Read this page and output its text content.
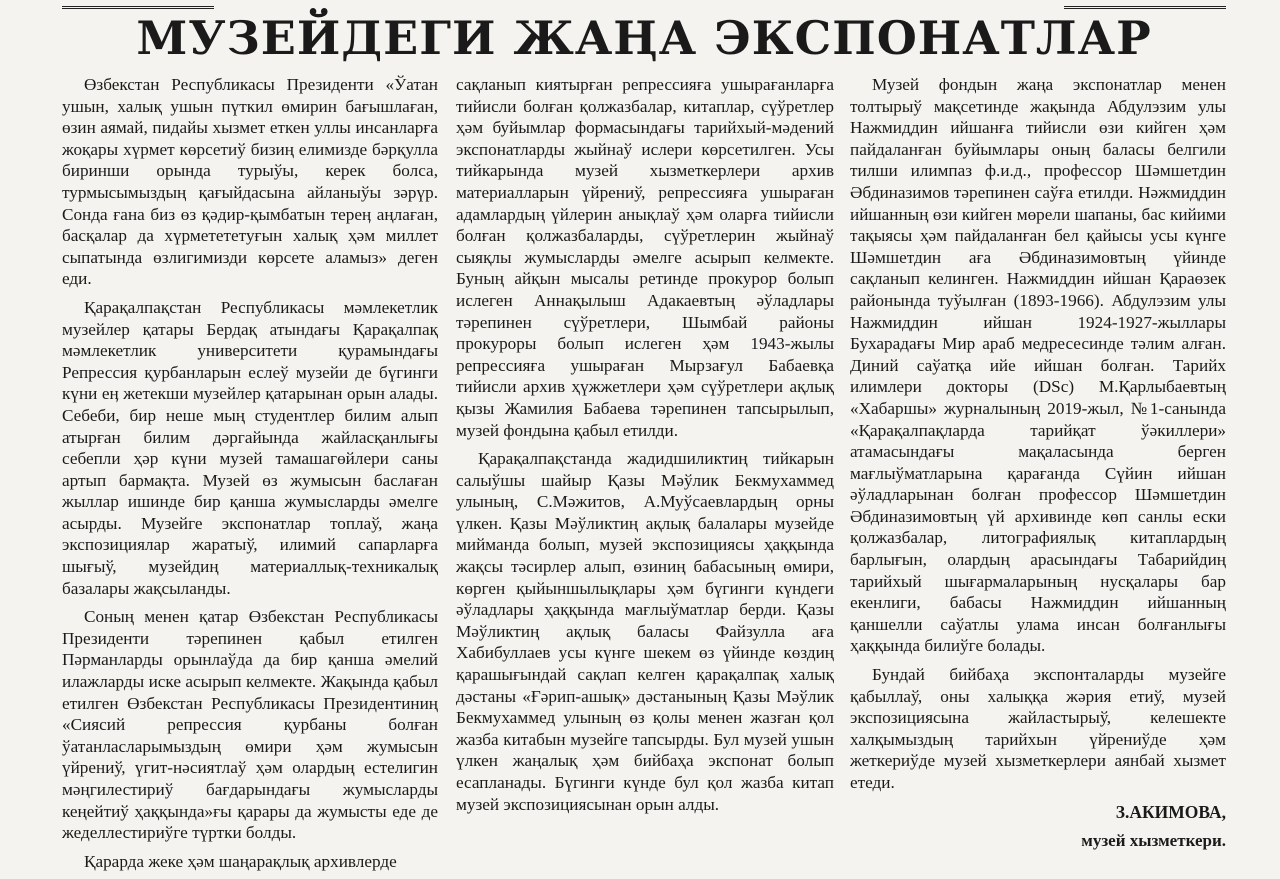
МУЗЕЙДЕГИ ЖАҢА ЭКСПОНАТЛАР

Өзбекстан Республикасы Президенти «Ўатан ушын, халық ушын пүткил өмирин бағышлаған, өзин аямай, пидайы хызмет еткен уллы инсанларға жоқары хүрмет көрсетиў бизиң елимизде бәрқулла биринши орында турыўы, керек болса, турмысымыздың қағыйдасына айланыўы зәрүр. Сонда ғана биз өз қәдир-қымбатын тереӊ аңлаған, басқалар да хүрметететуғын халық ҳәм миллет сыпатында өзлигимизди көрсете аламыз» деген еди.

Қарақалпақстан Республикасы мәмлекетлик музейлер қатары Бердақ атындағы Қарақалпақ мәмлекетлик университети қурамындағы Репрессия қурбанларын еслеў музейи де бүгинги күни еӊ жетекши музейлер қатарынан орын алады. Себеби, бир неше мың студентлер билим алып атырған билим дәргайында жайласқанлығы себепли ҳәр күни музей тамашагөйлери саны артып бармақта. Музей өз жумысын баслаған жыллар ишинде бир қанша жумысларды әмелге асырды. Музейге экспонатлар топлаў, жаңа экспозициялар жаратыў, илимий сапарларға шығыў, музейдиң материаллық-техникалық базалары жақсыланды.

Соның менен қатар Өзбекстан Республикасы Президенти тәрепинен қабыл етилген Пәрманларды орынлаўда да бир қанша әмелий илажларды иске асырып келмекте. Жақында қабыл етилген Өзбекстан Республикасы Президентиниң «Сиясий репрессия қурбаны болған ўатанласларымыздың өмири ҳәм жумысын үйрениў, үгит-нәсиятлаў ҳәм олардың естелигин мәңгилестириў бағдарындағы жумысларды кеңейтиў ҳаққында»ғы қарары да жумысты еде де жеделлестириўге түртки болды.

Қарарда жеке ҳәм шаңарақлық архивлерде

сақланып киятырған репрессияға ушырағанларға тийисли болған қолжазбалар, китаплар, сүўретлер ҳәм буйымлар формасындағы тарийхый-мәдений экспонатларды жыйнаў ислери көрсетилген. Усы тийкарында музей хызметкерлери архив материалларын үйрениў, репрессияға ушыраған адамлардың үйлерин анықлаў ҳәм оларға тийисли болған қолжазбаларды, сүўретлерин жыйнаў сыяқлы жумысларды әмелге асырып келмекте. Буның айқын мысалы ретинде прокурор болып ислеген Аннақылыш Адакаевтың әўладлары тәрепинен сүўретлери, Шымбай районы прокуроры болып ислеген ҳәм 1943-жылы репрессияға ушыраған Мырзағул Бабаевқа тийисли архив ҳүжжетлери ҳәм сүўретлери ақлық қызы Жамилия Бабаева тәрепинен тапсырылып, музей фондына қабыл етилди.

Қарақалпақстанда жадидшиликтиң тийкарын салыўшы шайыр Қазы Мәўлик Бекмухаммед улының, С.Мәжитов, А.Муўсаевлардың орны үлкен. Қазы Мәўликтиң ақлық балалары музейде мийманда болып, музей экспозициясы ҳаққында жақсы тәсирлер алып, өзиниң бабасының өмири, көрген қыйыншылықлары ҳәм бүгинги күндеги әўладлары ҳаққында мағлыўматлар берди. Қазы Мәўликтиң ақлық баласы Файзулла аға Хабибуллаев усы күнге шекем өз үйинде көздиң қарашығындай сақлап келген қарақалпақ халық дәстаны «Ғәрип-ашық» дәстанының Қазы Мәўлик Бекмухаммед улының өз қолы менен жазған қол жазба китабын музейге тапсырды. Бул музей ушын үлкен жаңалық ҳәм бийбаҳа экспонат болып есапланады. Бүгинги күнде бул қол жазба китап музей экспозициясынан орын алды.

Музей фондын жаңа экспонатлар менен толтырыў мақсетинде жақында Абдулэзим улы Нажмиддин ийшанға тийисли өзи кийген ҳәм пайдаланған буйымлары оның баласы белгили тилши илимпаз ф.и.д., профессор Шәмшетдин Әбдиназимов тәрепинен саўға етилди. Нәжмиддин ийшанның өзи кийген мөрели шапаны, бас кийими тақыясы ҳәм пайдаланған бел қайысы усы күнге Шәмшетдин аға Әбдиназимовтың үйинде сақланып келинген. Нажмиддин ийшан Қараөзек районында туўылған (1893-1966). Абдулэзим улы Нажмиддин ийшан 1924-1927-жыллары Бухарадағы Мир араб медресесинде тәлим алған. Диний саўатқа ийе ийшан болған. Тарийх илимлери докторы (DSc) М.Қарлыбаевтың «Хабаршы» журналының 2019-жыл, №1-санында «Қарақалпақларда тарийқат ўәкиллери» атамасындағы мақаласында берген мағлыўматларына қарағанда Сүйин ийшан әўладларынан болған профессор Шәмшетдин Әбдиназимовтың үй архивинде көп санлы ески қолжазбалар, литографиялық китаплардың барлығын, олардың арасындағы Табарийдиң тарийхый шығармаларының нусқалары бар екенлиги, бабасы Нажмиддин ийшанның қаншелли саўатлы улама инсан болғанлығы ҳаққында билиўге болады.

Бундай бийбаҳа экспонталарды музейге қабыллаў, оны халыққа жәрия етиў, музей экспозициясына жайластырыў, келешекте халқымыздың тарийхын үйрениўде ҳәм жеткериўде музей хызметкерлери аянбай хызмет етеди.

З.АКИМОВА,

музей хызметкери.
